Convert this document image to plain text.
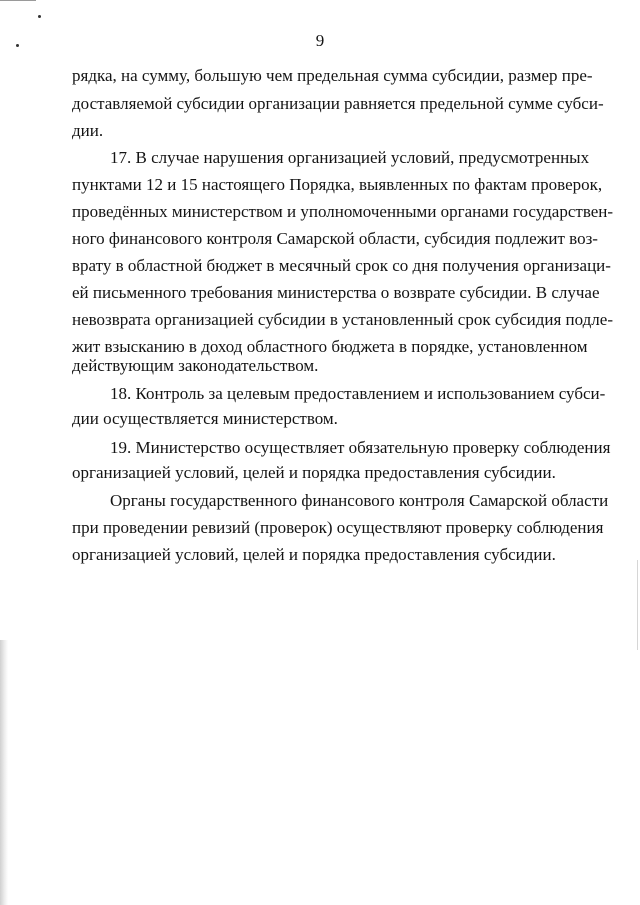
9
рядка, на сумму, большую чем предельная сумма субсидии, размер пре-
доставляемой субсидии организации равняется предельной сумме субси-
дии.
17. В случае нарушения организацией условий, предусмотренных
пунктами 12 и 15 настоящего Порядка, выявленных по фактам проверок,
проведённых министерством и уполномоченными органами государствен-
ного финансового контроля Самарской области, субсидия подлежит воз-
врату в областной бюджет в месячный срок со дня получения организаци-
ей письменного требования министерства о возврате субсидии. В случае
невозврата организацией субсидии в установленный срок субсидия подле-
жит взысканию в доход областного бюджета в порядке, установленном
действующим законодательством.
18. Контроль за целевым предоставлением и использованием субси-
дии осуществляется министерством.
19. Министерство осуществляет обязательную проверку соблюдения
организацией условий, целей и порядка предоставления субсидии.
Органы государственного финансового контроля Самарской области
при проведении ревизий (проверок) осуществляют проверку соблюдения
организацией условий, целей и порядка предоставления субсидии.
